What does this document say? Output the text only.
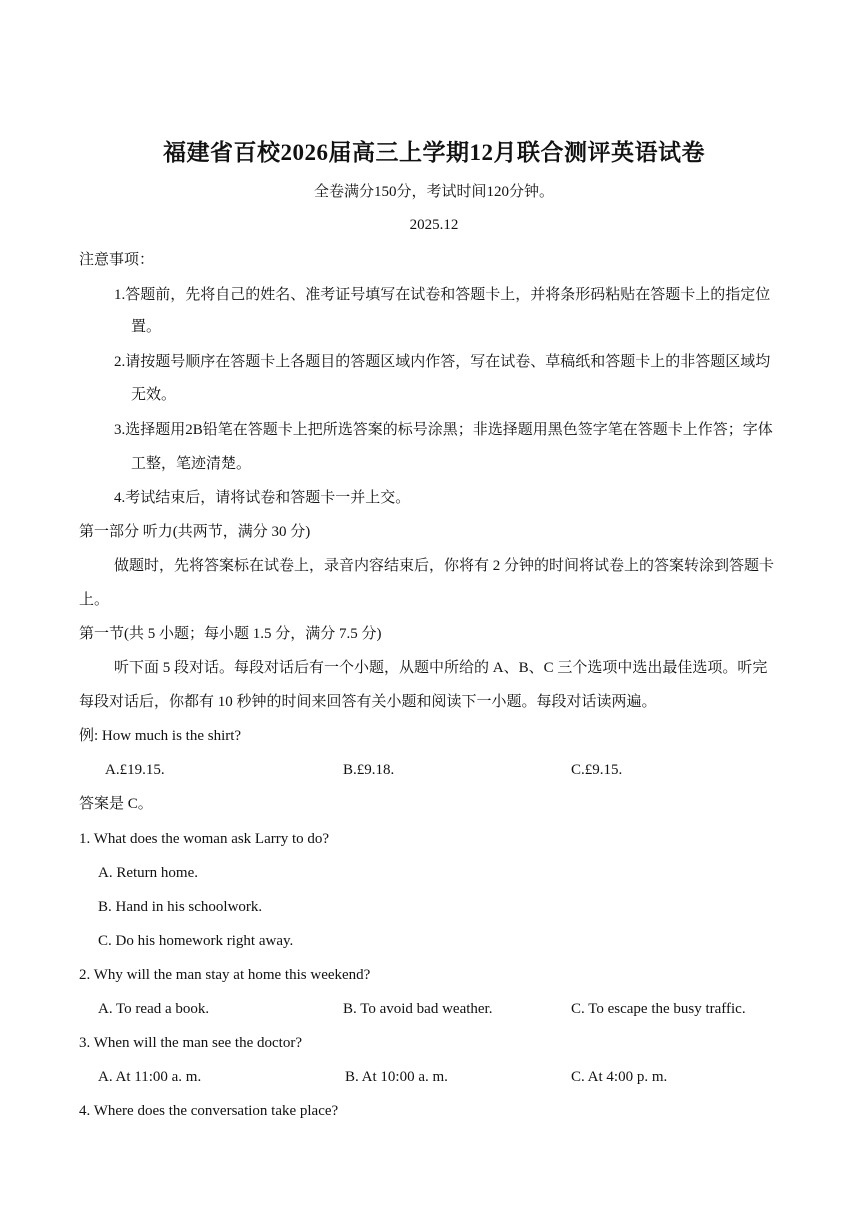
福建省百校2026届高三上学期12月联合测评英语试卷
全卷满分150分，考试时间120分钟。
2025.12
注意事项：
1.答题前，先将自己的姓名、准考证号填写在试卷和答题卡上，并将条形码粘贴在答题卡上的指定位
置。
2.请按题号顺序在答题卡上各题目的答题区域内作答，写在试卷、草稿纸和答题卡上的非答题区域均
无效。
3.选择题用2B铅笔在答题卡上把所选答案的标号涂黑；非选择题用黑色签字笔在答题卡上作答；字体
工整，笔迹清楚。
4.考试结束后，请将试卷和答题卡一并上交。
第一部分 听力(共两节，满分 30 分)
做题时，先将答案标在试卷上，录音内容结束后，你将有 2 分钟的时间将试卷上的答案转涂到答题卡
上。
第一节(共 5 小题；每小题 1.5 分，满分 7.5 分)
听下面 5 段对话。每段对话后有一个小题，从题中所给的 A、B、C 三个选项中选出最佳选项。听完
每段对话后，你都有 10 秒钟的时间来回答有关小题和阅读下一小题。每段对话读两遍。
例: How much is the shirt?
A.£19.15.	B.£9.18.	C.£9.15.
答案是 C。
1. What does the woman ask Larry to do?
A. Return home.
B. Hand in his schoolwork.
C. Do his homework right away.
2. Why will the man stay at home this weekend?
A. To read a book.	B. To avoid bad weather.	C. To escape the busy traffic.
3. When will the man see the doctor?
A. At 11:00 a. m.	B. At 10:00 a. m.	C. At 4:00 p. m.
4. Where does the conversation take place?
